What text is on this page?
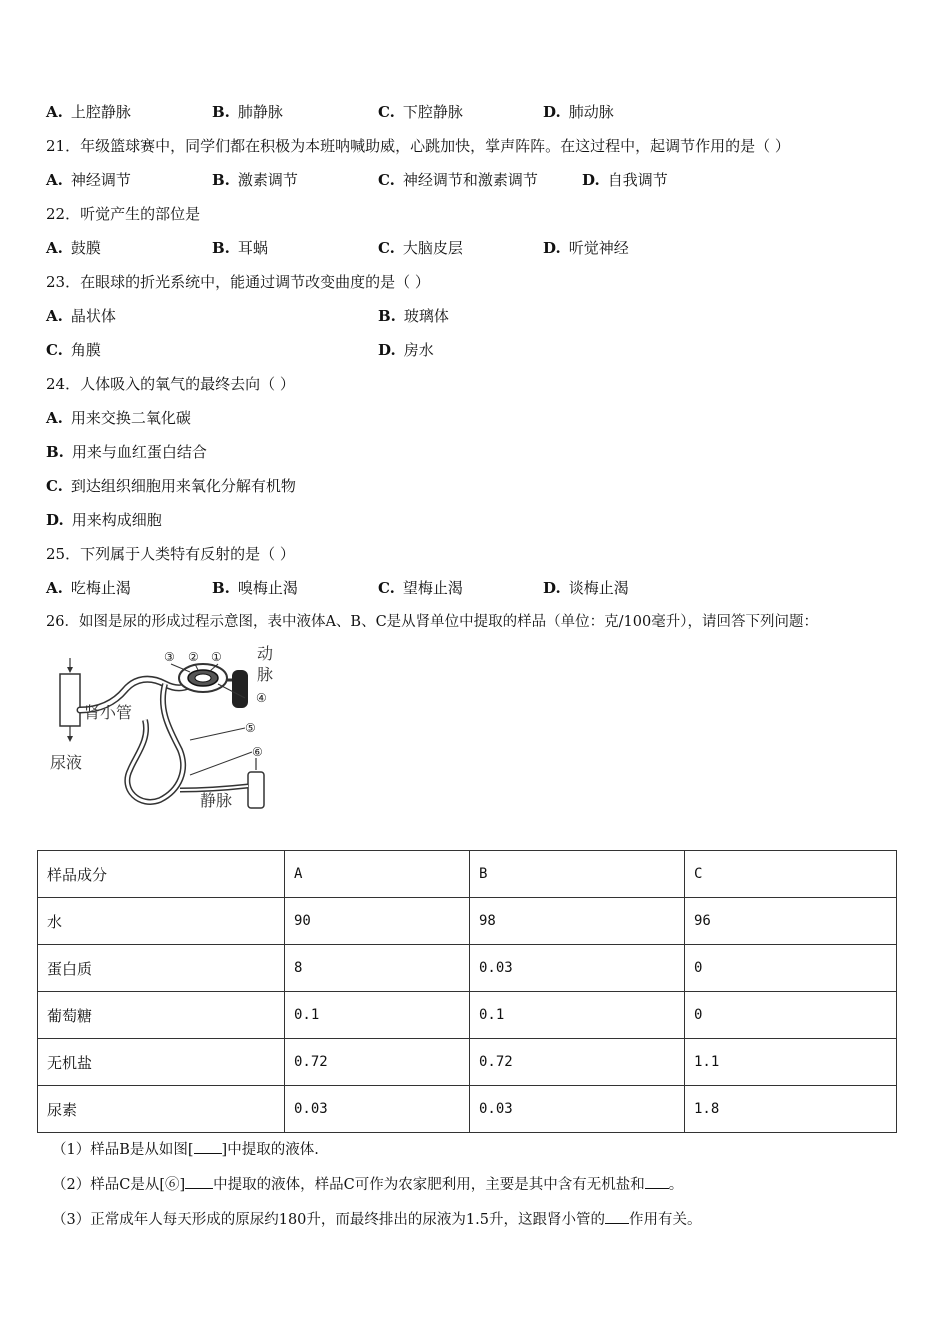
A. 上腔静脉	B. 肺静脉	C. 下腔静脉	D. 肺动脉
21．年级篮球赛中，同学们都在积极为本班呐喊助威，心跳加快，掌声阵阵。在这过程中，起调节作用的是（ ）
A. 神经调节	B. 激素调节	C. 神经调节和激素调节	D. 自我调节
22．听觉产生的部位是
A. 鼓膜	B. 耳蜗	C. 大脑皮层	D. 听觉神经
23．在眼球的折光系统中，能通过调节改变曲度的是（ ）
A. 晶状体	B. 玻璃体
C. 角膜	D. 房水
24．人体吸入的氧气的最终去向（ ）
A. 用来交换二氧化碳
B. 用来与血红蛋白结合
C. 到达组织细胞用来氧化分解有机物
D. 用来构成细胞
25．下列属于人类特有反射的是（ ）
A. 吃梅止渴	B. 嗅梅止渴	C. 望梅止渴	D. 谈梅止渴
26．如图是尿的形成过程示意图，表中液体A、B、C是从肾单位中提取的样品（单位：克/100毫升），请回答下列问题：
③ ② ①
④
⑤
⑥
动
脉
肾小管
尿液
静脉
样品成分	A	B	C
水	90	98	96
蛋白质	8	0.03	0
葡萄糖	0.1	0.1	0
无机盐	0.72	0.72	1.1
尿素	0.03	0.03	1.8
（1）样品B是从如图[ ]中提取的液体.
（2）样品C是从[⑥] 中提取的液体，样品C可作为农家肥利用，主要是其中含有无机盐和 。
（3）正常成年人每天形成的原尿约180升，而最终排出的尿液为1.5升，这跟肾小管的 作用有关。
